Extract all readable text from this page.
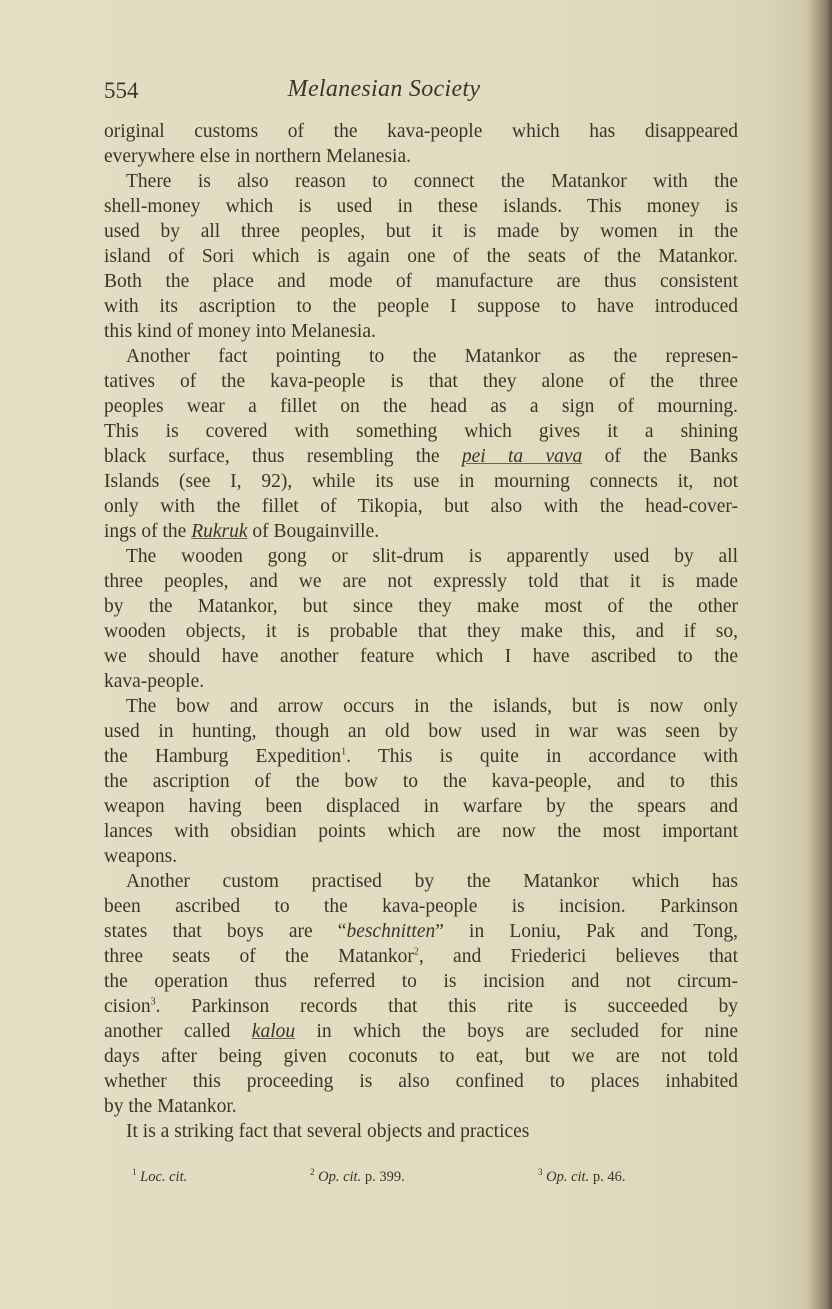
554	Melanesian Society
original customs of the kava-people which has disappeared
everywhere else in northern Melanesia.
There is also reason to connect the Matankor with the
shell-money which is used in these islands. This money is
used by all three peoples, but it is made by women in the
island of Sori which is again one of the seats of the Matankor.
Both the place and mode of manufacture are thus consistent
with its ascription to the people I suppose to have introduced
this kind of money into Melanesia.
Another fact pointing to the Matankor as the represen-
tatives of the kava-people is that they alone of the three
peoples wear a fillet on the head as a sign of mourning.
This is covered with something which gives it a shining
black surface, thus resembling the pei ta vava of the Banks
Islands (see I, 92), while its use in mourning connects it, not
only with the fillet of Tikopia, but also with the head-cover-
ings of the Rukruk of Bougainville.
The wooden gong or slit-drum is apparently used by all
three peoples, and we are not expressly told that it is made
by the Matankor, but since they make most of the other
wooden objects, it is probable that they make this, and if so,
we should have another feature which I have ascribed to the
kava-people.
The bow and arrow occurs in the islands, but is now only
used in hunting, though an old bow used in war was seen by
the Hamburg Expedition$^1$. This is quite in accordance with
the ascription of the bow to the kava-people, and to this
weapon having been displaced in warfare by the spears and
lances with obsidian points which are now the most important
weapons.
Another custom practised by the Matankor which has
been ascribed to the kava-people is incision. Parkinson
states that boys are “beschnitten” in Loniu, Pak and Tong,
three seats of the Matankor$^2$, and Friederici believes that
the operation thus referred to is incision and not circum-
cision$^3$. Parkinson records that this rite is succeeded by
another called kalou in which the boys are secluded for nine
days after being given coconuts to eat, but we are not told
whether this proceeding is also confined to places inhabited
by the Matankor.
It is a striking fact that several objects and practices
$^1$ Loc. cit.	$^2$ Op. cit. p. 399.	$^3$ Op. cit. p. 46.
